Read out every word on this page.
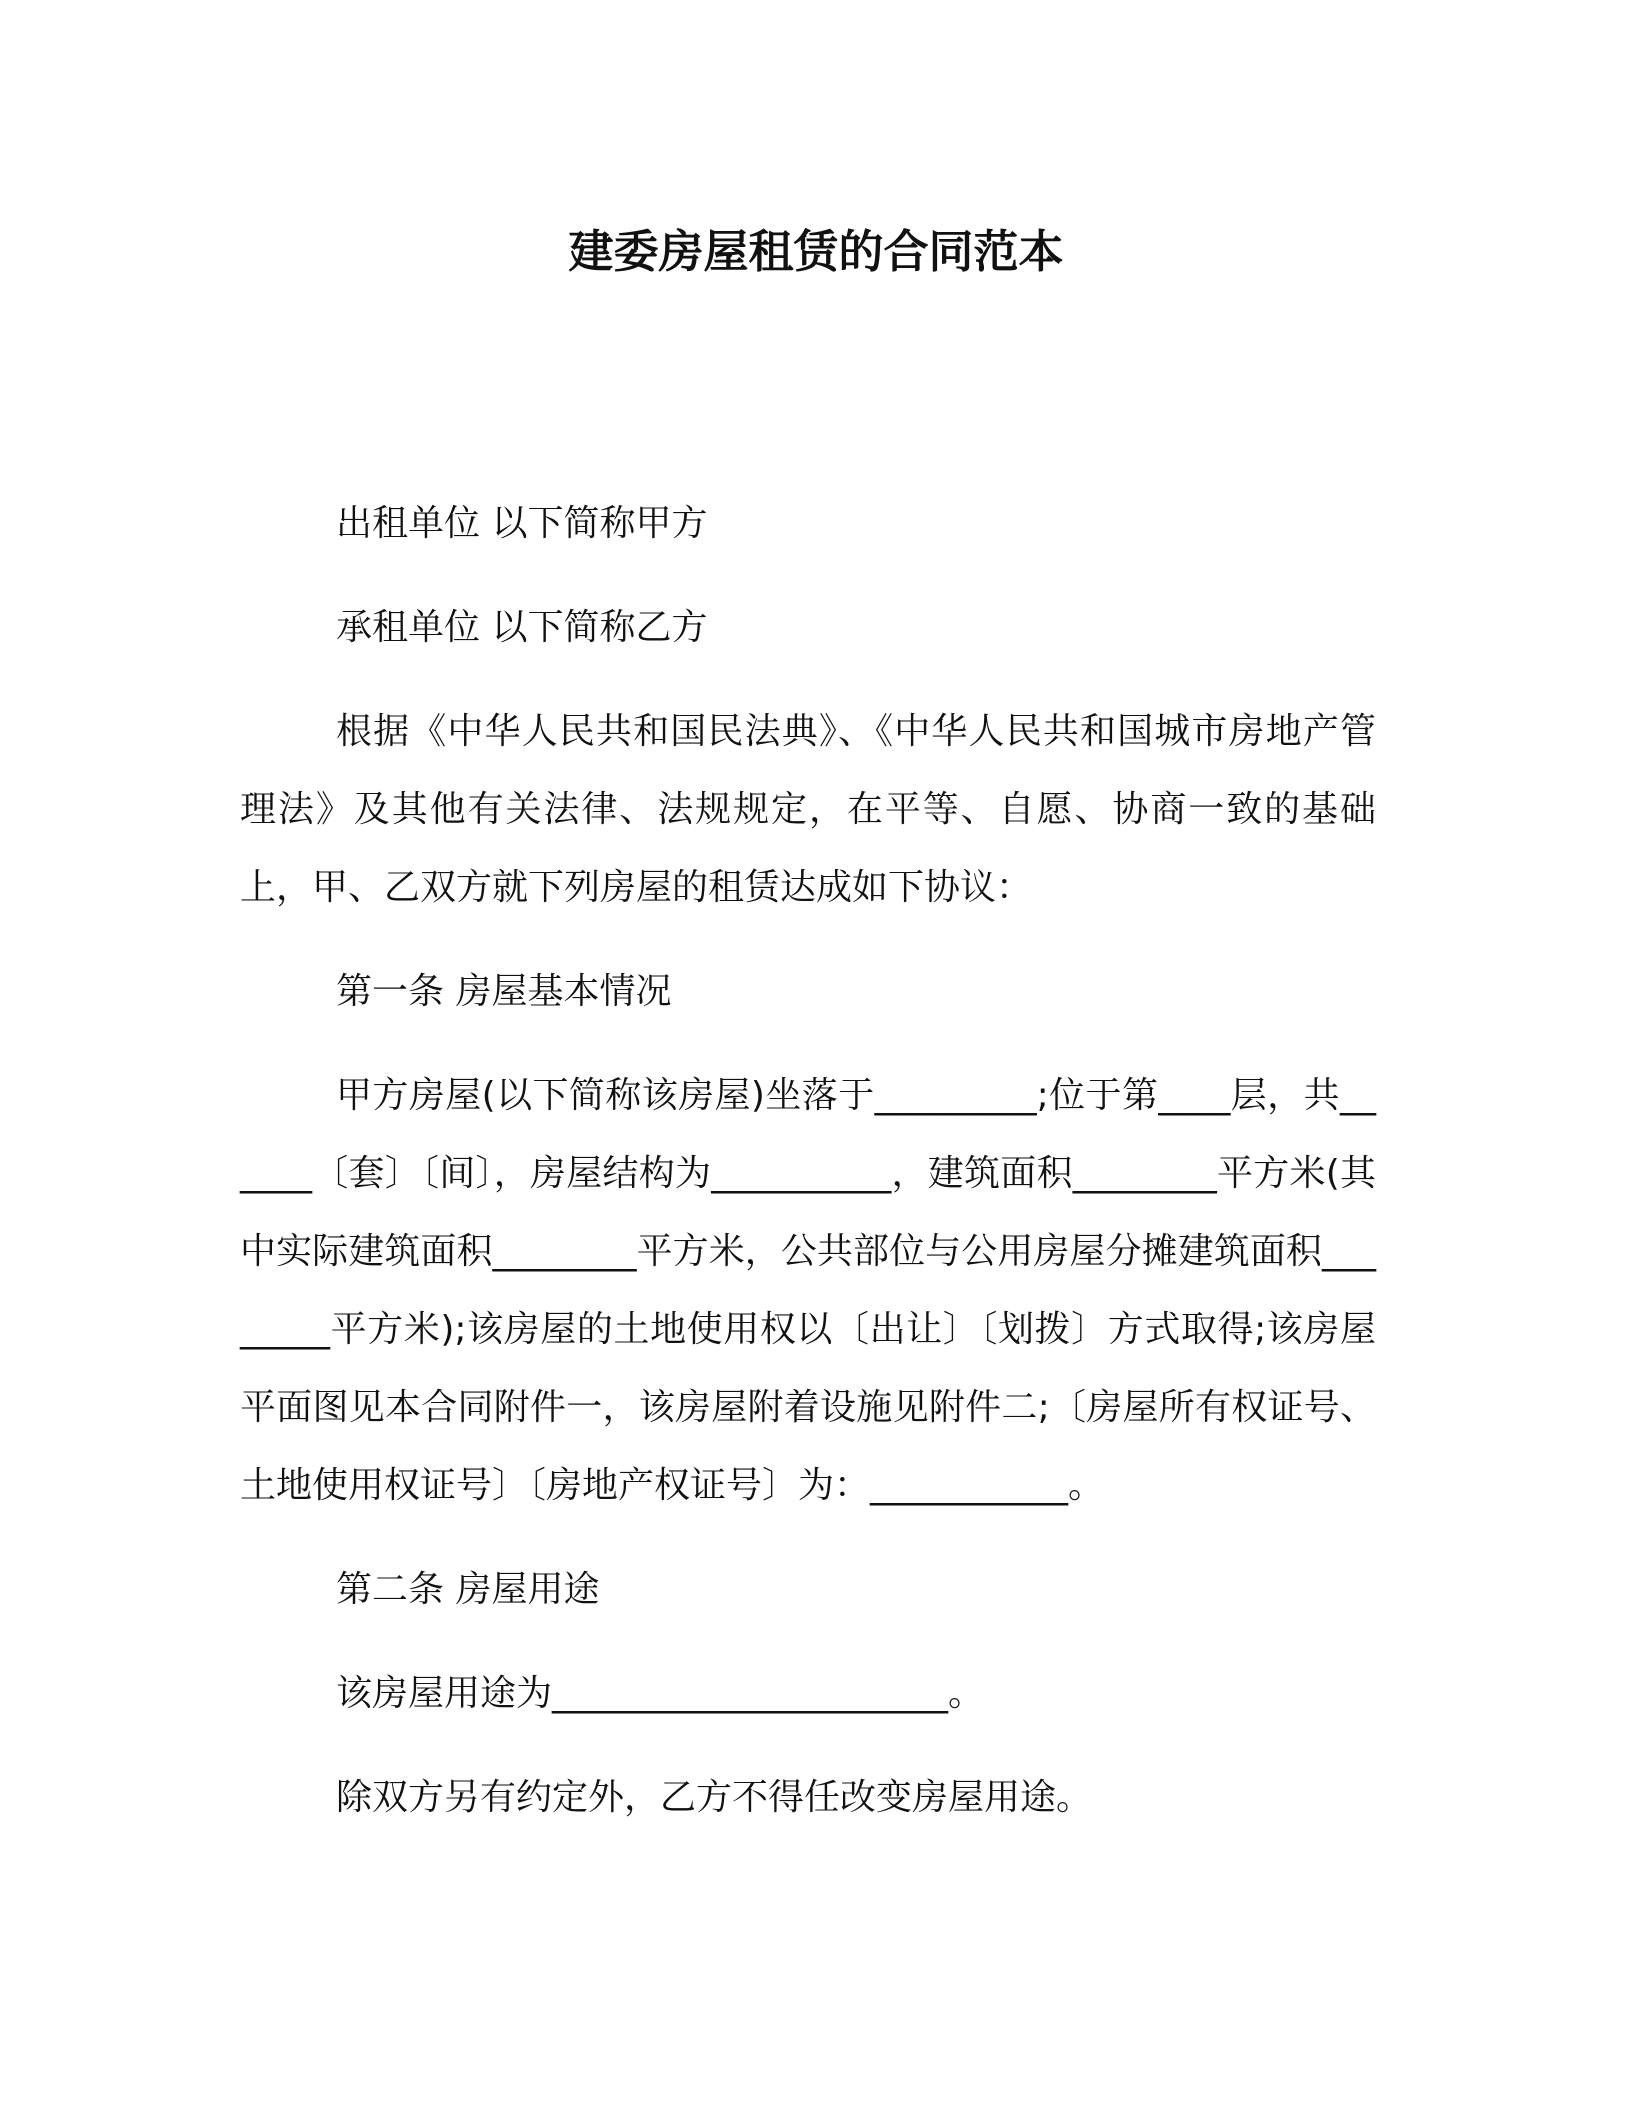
建委房屋租赁的合同范本

出租单位 以下简称甲方

承租单位 以下简称乙方

根据《中华人民共和国民法典》、《中华人民共和国城市房地产管理法》及其他有关法律、法规规定，在平等、自愿、协商一致的基础上，甲、乙双方就下列房屋的租赁达成如下协议：

第一条 房屋基本情况

甲方房屋(以下简称该房屋)坐落于_________;位于第____层，共______〔套〕〔间〕，房屋结构为__________，建筑面积________平方米(其中实际建筑面积________平方米，公共部位与公用房屋分摊建筑面积________平方米);该房屋的土地使用权以〔出让〕〔划拨〕方式取得;该房屋平面图见本合同附件一，该房屋附着设施见附件二;〔房屋所有权证号、土地使用权证号〕〔房地产权证号〕为：___________。

第二条 房屋用途

该房屋用途为______________________。

除双方另有约定外，乙方不得任改变房屋用途。
